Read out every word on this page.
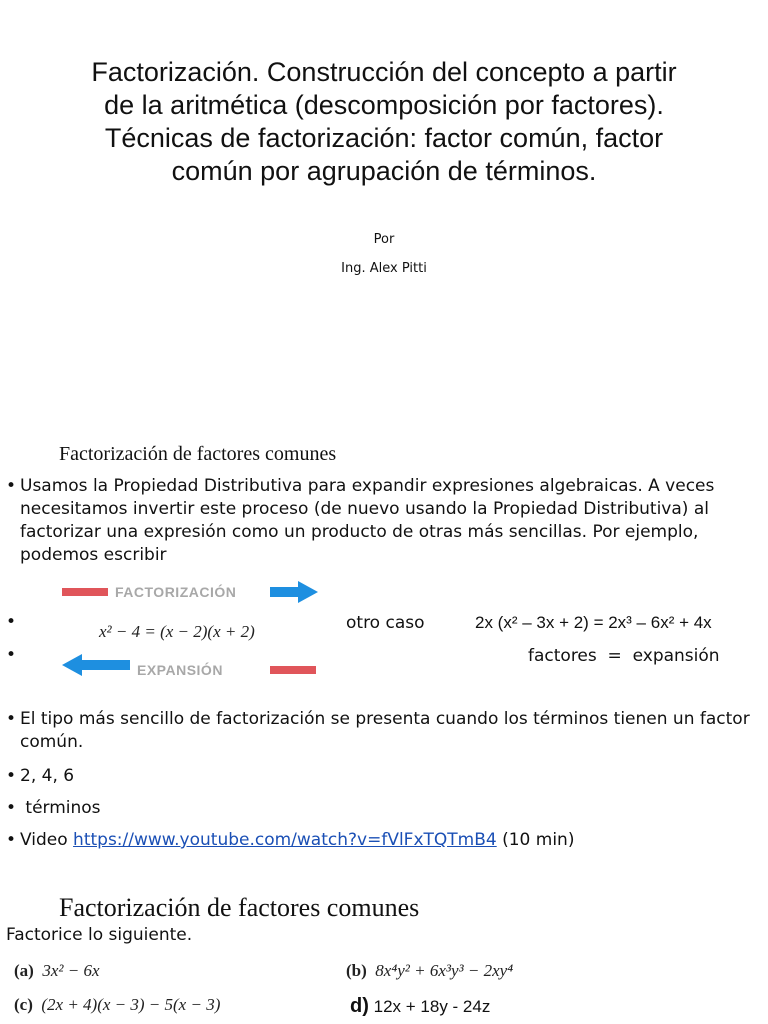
Factorización. Construcción del concepto a partir de la aritmética (descomposición por factores). Técnicas de factorización: factor común, factor común por agrupación de términos.
Por
Ing. Alex Pitti
Factorización de factores comunes
• Usamos la Propiedad Distributiva para expandir expresiones algebraicas. A veces necesitamos invertir este proceso (de nuevo usando la Propiedad Distributiva) al factorizar una expresión como un producto de otras más sencillas. Por ejemplo, podemos escribir
•
•
FACTORIZACIÓN
x² − 4 = (x − 2)(x + 2)
EXPANSIÓN
otro caso	2x (x² – 3x + 2) = 2x³ – 6x² + 4x
factores  =  expansión
• El tipo más sencillo de factorización se presenta cuando los términos tienen un factor común.
• 2, 4, 6
• términos
• Video https://www.youtube.com/watch?v=fVlFxTQTmB4 (10 min)
Factorización de factores comunes
Factorice lo siguiente.
(a) 3x² − 6x	(b) 8x⁴y² + 6x³y³ − 2xy⁴
(c) (2x + 4)(x − 3) − 5(x − 3)	d) 12x + 18y - 24z
